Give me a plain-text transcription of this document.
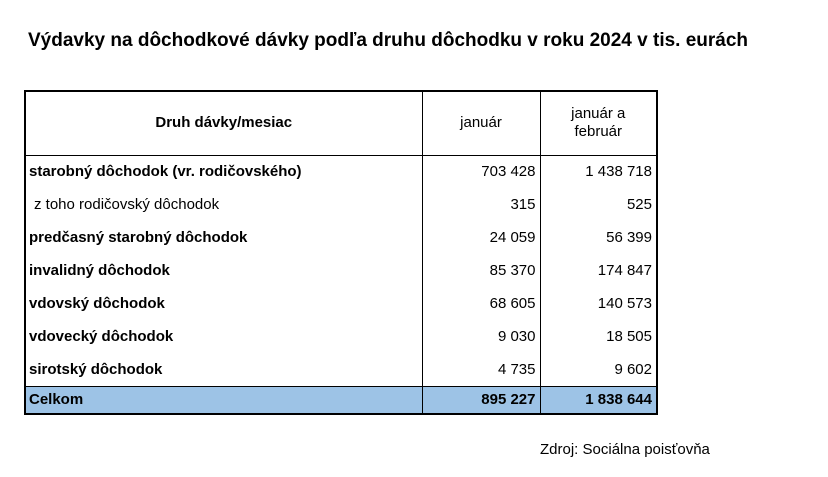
Výdavky na dôchodkové dávky podľa druhu dôchodku v roku 2024 v tis. eurách
Druh dávky/mesiac	január	január a február
starobný dôchodok (vr. rodičovského)	703 428	1 438 718
z toho rodičovský dôchodok	315	525
predčasný starobný dôchodok	24 059	56 399
invalidný dôchodok	85 370	174 847
vdovský dôchodok	68 605	140 573
vdovecký dôchodok	9 030	18 505
sirotský dôchodok	4 735	9 602
Celkom	895 227	1 838 644
Zdroj: Sociálna poisťovňa
